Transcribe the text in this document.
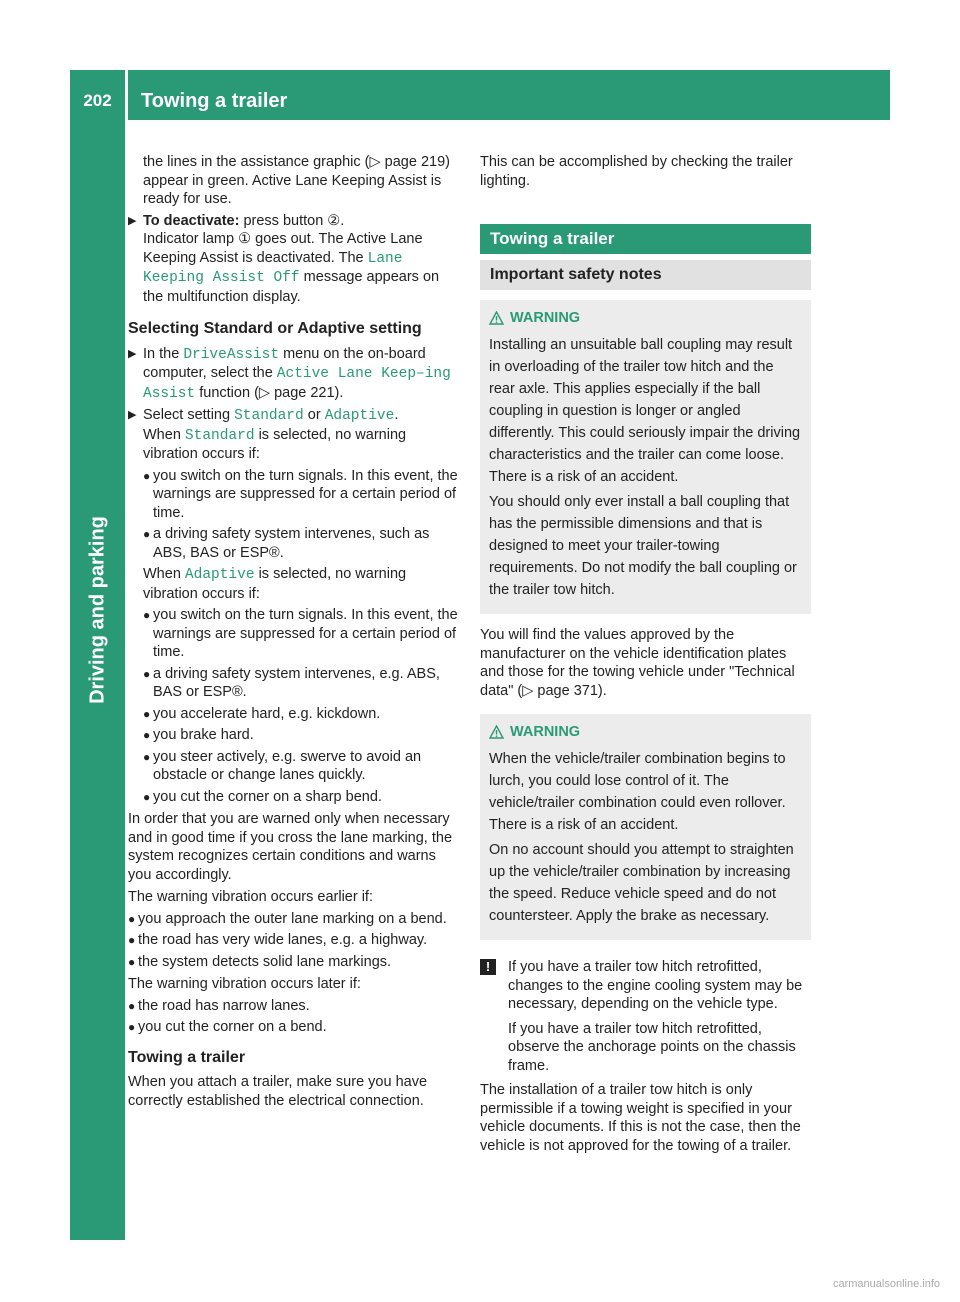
202	Towing a trailer
Driving and parking

the lines in the assistance graphic (▷ page 219) appear in green. Active Lane Keeping Assist is ready for use.

▶ To deactivate: press button ②.
Indicator lamp ① goes out. The Active Lane Keeping Assist is deactivated. The Lane Keeping Assist Off message appears on the multifunction display.

Selecting Standard or Adaptive setting

▶ In the DriveAssist menu on the on-board computer, select the Active Lane Keep–ing Assist function (▷ page 221).

▶ Select setting Standard or Adaptive.
When Standard is selected, no warning vibration occurs if:

● you switch on the turn signals. In this event, the warnings are suppressed for a certain period of time.

● a driving safety system intervenes, such as ABS, BAS or ESP®.

When Adaptive is selected, no warning vibration occurs if:

● you switch on the turn signals. In this event, the warnings are suppressed for a certain period of time.

● a driving safety system intervenes, e.g. ABS, BAS or ESP®.

● you accelerate hard, e.g. kickdown.

● you brake hard.

● you steer actively, e.g. swerve to avoid an obstacle or change lanes quickly.

● you cut the corner on a sharp bend.

In order that you are warned only when necessary and in good time if you cross the lane marking, the system recognizes certain conditions and warns you accordingly.

The warning vibration occurs earlier if:

● you approach the outer lane marking on a bend.

● the road has very wide lanes, e.g. a highway.

● the system detects solid lane markings.

The warning vibration occurs later if:

● the road has narrow lanes.

● you cut the corner on a bend.

Towing a trailer

When you attach a trailer, make sure you have correctly established the electrical connection.

This can be accomplished by checking the trailer lighting.

Towing a trailer
Important safety notes
WARNING

Installing an unsuitable ball coupling may result in overloading of the trailer tow hitch and the rear axle. This applies especially if the ball coupling in question is longer or angled differently. This could seriously impair the driving characteristics and the trailer can come loose. There is a risk of an accident.

You should only ever install a ball coupling that has the permissible dimensions and that is designed to meet your trailer-towing requirements. Do not modify the ball coupling or the trailer tow hitch.

You will find the values approved by the manufacturer on the vehicle identification plates and those for the towing vehicle under "Technical data" (▷ page 371).

WARNING

When the vehicle/trailer combination begins to lurch, you could lose control of it. The vehicle/trailer combination could even rollover. There is a risk of an accident.

On no account should you attempt to straighten up the vehicle/trailer combination by increasing the speed. Reduce vehicle speed and do not countersteer. Apply the brake as necessary.

!	If you have a trailer tow hitch retrofitted, changes to the engine cooling system may be necessary, depending on the vehicle type.

If you have a trailer tow hitch retrofitted, observe the anchorage points on the chassis frame.

The installation of a trailer tow hitch is only permissible if a towing weight is specified in your vehicle documents. If this is not the case, then the vehicle is not approved for the towing of a trailer.

carmanualsonline.info
